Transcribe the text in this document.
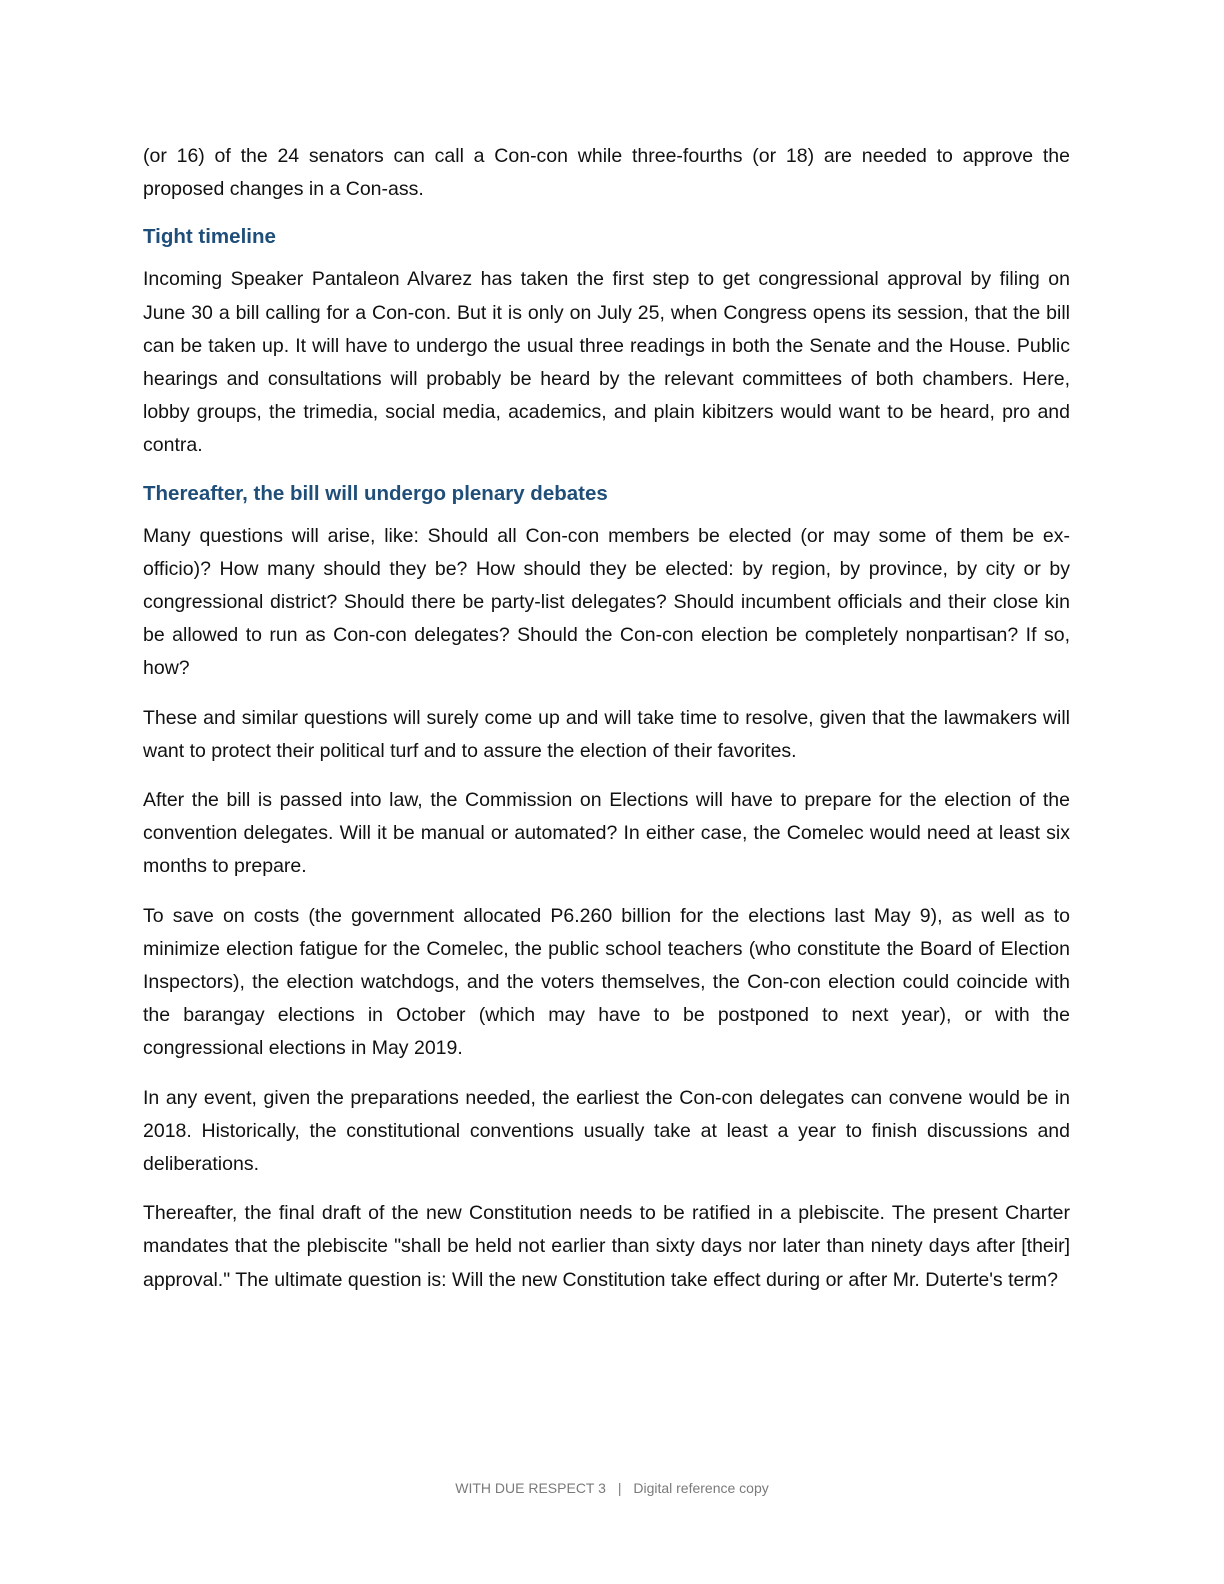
(or 16) of the 24 senators can call a Con-con while three-fourths (or 18) are needed to approve the proposed changes in a Con-ass.

Tight timeline

Incoming Speaker Pantaleon Alvarez has taken the first step to get congressional approval by filing on June 30 a bill calling for a Con-con. But it is only on July 25, when Congress opens its session, that the bill can be taken up. It will have to undergo the usual three readings in both the Senate and the House. Public hearings and consultations will probably be heard by the relevant committees of both chambers. Here, lobby groups, the trimedia, social media, academics, and plain kibitzers would want to be heard, pro and contra.

Thereafter, the bill will undergo plenary debates

Many questions will arise, like: Should all Con-con members be elected (or may some of them be ex-officio)? How many should they be? How should they be elected: by region, by province, by city or by congressional district? Should there be party-list delegates? Should incumbent officials and their close kin be allowed to run as Con-con delegates? Should the Con-con election be completely nonpartisan? If so, how?

These and similar questions will surely come up and will take time to resolve, given that the lawmakers will want to protect their political turf and to assure the election of their favorites.

After the bill is passed into law, the Commission on Elections will have to prepare for the election of the convention delegates. Will it be manual or automated? In either case, the Comelec would need at least six months to prepare.

To save on costs (the government allocated P6.260 billion for the elections last May 9), as well as to minimize election fatigue for the Comelec, the public school teachers (who constitute the Board of Election Inspectors), the election watchdogs, and the voters themselves, the Con-con election could coincide with the barangay elections in October (which may have to be postponed to next year), or with the congressional elections in May 2019.

In any event, given the preparations needed, the earliest the Con-con delegates can convene would be in 2018. Historically, the constitutional conventions usually take at least a year to finish discussions and deliberations.

Thereafter, the final draft of the new Constitution needs to be ratified in a plebiscite. The present Charter mandates that the plebiscite "shall be held not earlier than sixty days nor later than ninety days after [their] approval." The ultimate question is: Will the new Constitution take effect during or after Mr. Duterte's term?

WITH DUE RESPECT 3 | Digital reference copy
